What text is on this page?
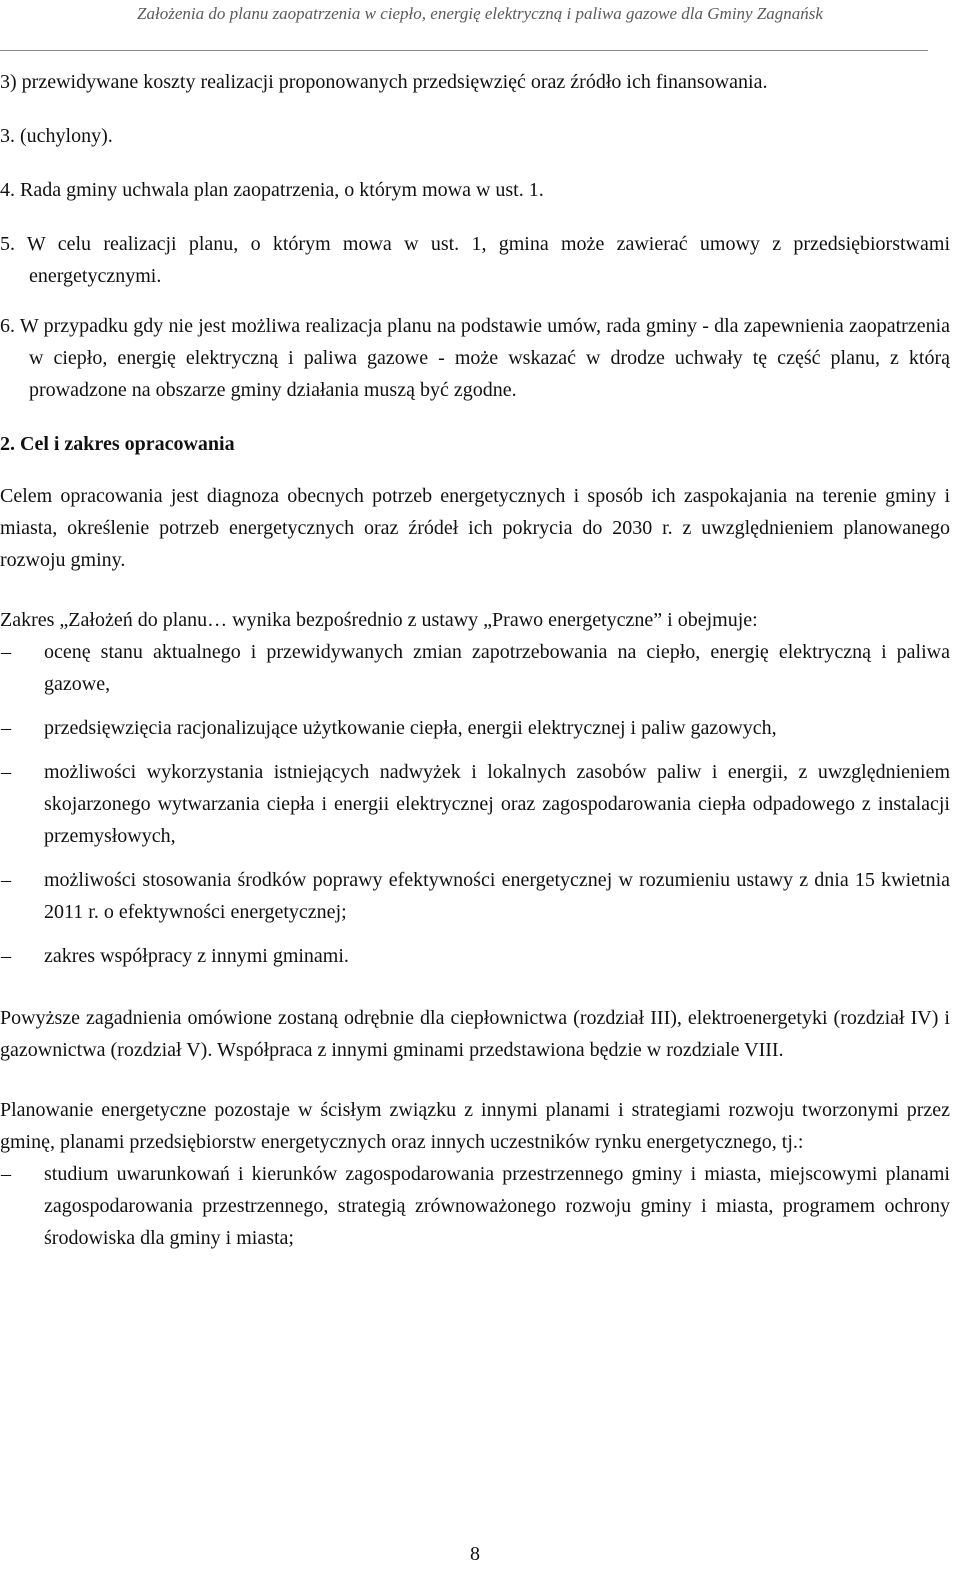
Założenia do planu zaopatrzenia w ciepło, energię elektryczną i paliwa gazowe dla Gminy Zagnańsk

3) przewidywane koszty realizacji proponowanych przedsięwzięć oraz źródło ich finansowania.

3. (uchylony).

4. Rada gminy uchwala plan zaopatrzenia, o którym mowa w ust. 1.

5. W celu realizacji planu, o którym mowa w ust. 1, gmina może zawierać umowy z przedsiębiorstwami energetycznymi.

6. W przypadku gdy nie jest możliwa realizacja planu na podstawie umów, rada gminy - dla zapewnienia zaopatrzenia w ciepło, energię elektryczną i paliwa gazowe - może wskazać w drodze uchwały tę część planu, z którą prowadzone na obszarze gminy działania muszą być zgodne.

2. Cel i zakres opracowania

Celem opracowania jest diagnoza obecnych potrzeb energetycznych i sposób ich zaspokajania na terenie gminy i miasta, określenie potrzeb energetycznych oraz źródeł ich pokrycia do 2030 r. z uwzględnieniem planowanego rozwoju gminy.

Zakres „Założeń do planu… wynika bezpośrednio z ustawy „Prawo energetyczne” i obejmuje:

–	ocenę stanu aktualnego i przewidywanych zmian zapotrzebowania na ciepło, energię elektryczną i paliwa gazowe,
–	przedsięwzięcia racjonalizujące użytkowanie ciepła, energii elektrycznej i paliw gazowych,
–	możliwości wykorzystania istniejących nadwyżek i lokalnych zasobów paliw i energii, z uwzględnieniem skojarzonego wytwarzania ciepła i energii elektrycznej oraz zagospodarowania ciepła odpadowego z instalacji przemysłowych,
–	możliwości stosowania środków poprawy efektywności energetycznej w rozumieniu ustawy z dnia 15 kwietnia 2011 r. o efektywności energetycznej;
–	zakres współpracy z innymi gminami.

Powyższe zagadnienia omówione zostaną odrębnie dla ciepłownictwa (rozdział III), elektroenergetyki (rozdział IV) i gazownictwa (rozdział V). Współpraca z innymi gminami przedstawiona będzie w rozdziale VIII.

Planowanie energetyczne pozostaje w ścisłym związku z innymi planami i strategiami rozwoju tworzonymi przez gminę, planami przedsiębiorstw energetycznych oraz innych uczestników rynku energetycznego, tj.:

–	studium uwarunkowań i kierunków zagospodarowania przestrzennego gminy i miasta, miejscowymi planami zagospodarowania przestrzennego, strategią zrównoważonego rozwoju gminy i miasta, programem ochrony środowiska dla gminy i miasta;
8
